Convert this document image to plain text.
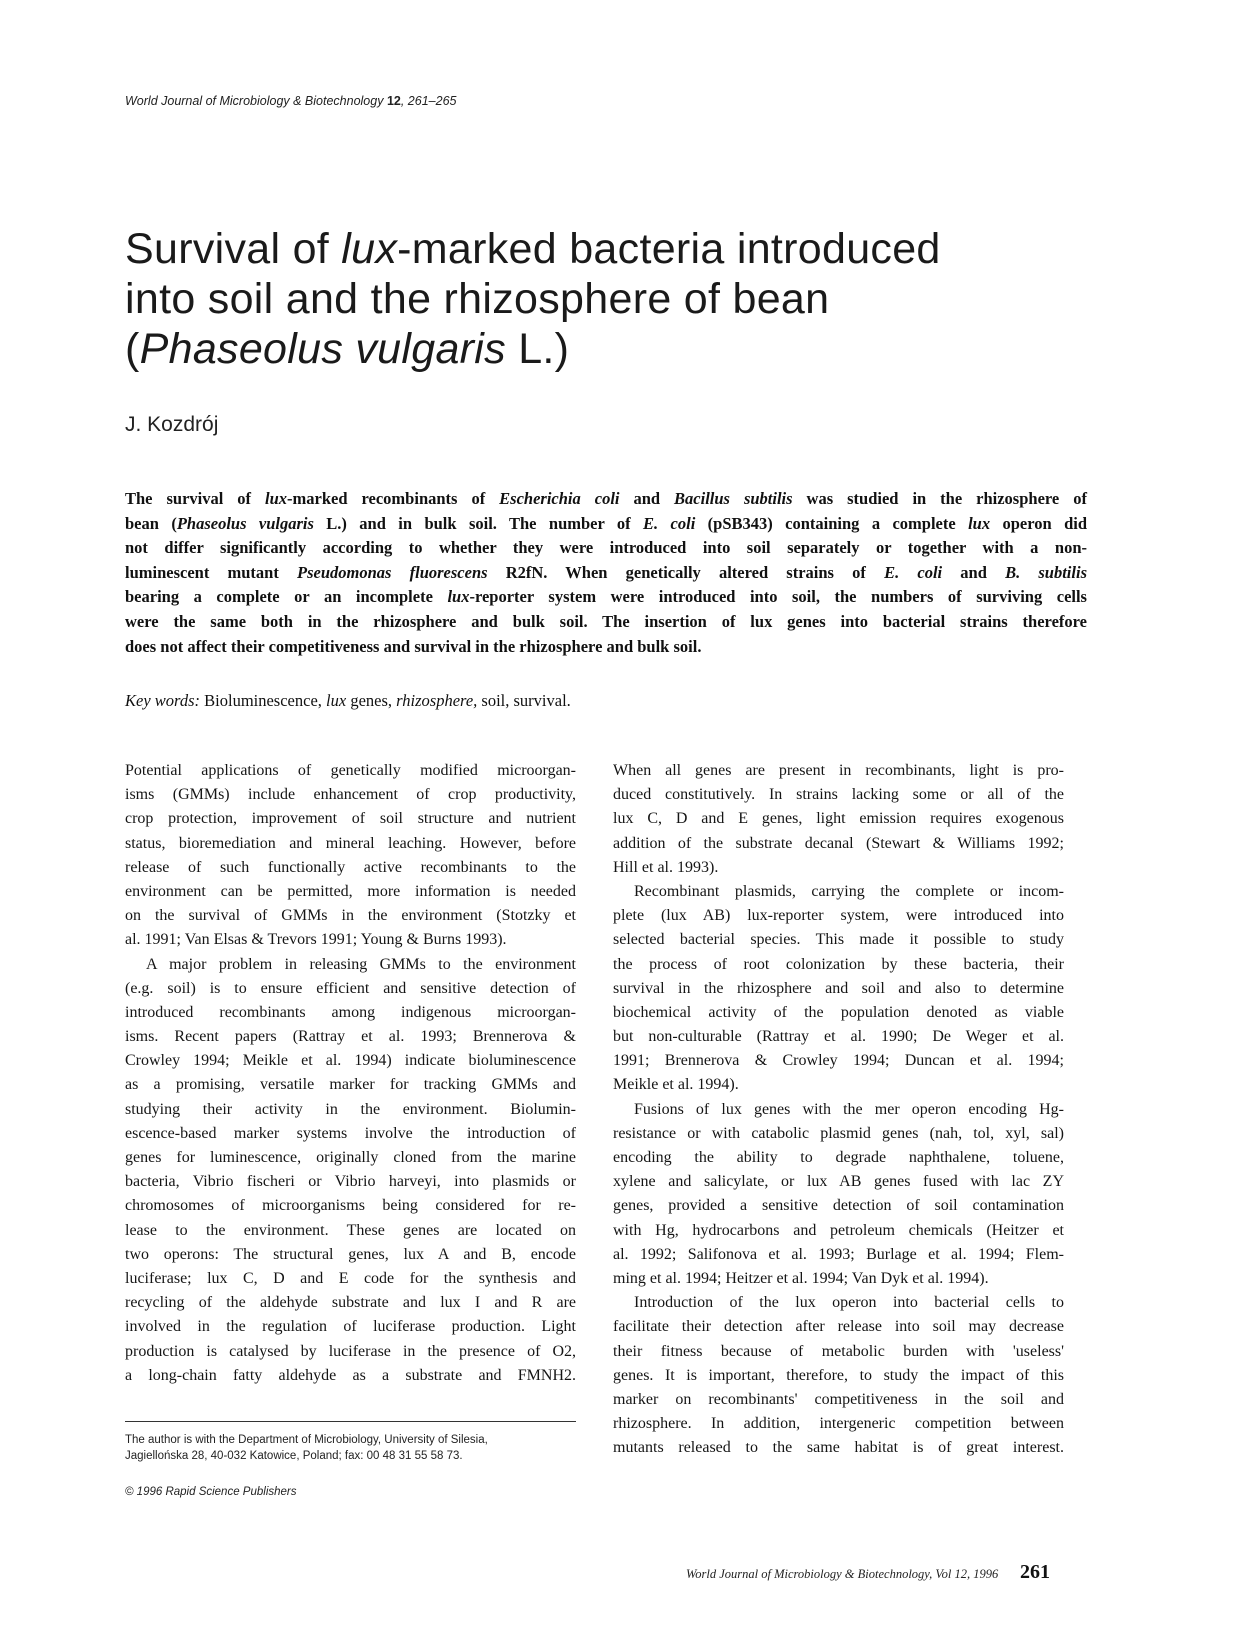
World Journal of Microbiology & Biotechnology 12, 261–265
Survival of lux-marked bacteria introduced
into soil and the rhizosphere of bean
(Phaseolus vulgaris L.)
J. Kozdrój
The survival of lux-marked recombinants of Escherichia coli and Bacillus subtilis was studied in the rhizosphere of
bean (Phaseolus vulgaris L.) and in bulk soil. The number of E. coli (pSB343) containing a complete lux operon did
not differ significantly according to whether they were introduced into soil separately or together with a non-
luminescent mutant Pseudomonas fluorescens R2fN. When genetically altered strains of E. coli and B. subtilis
bearing a complete or an incomplete lux-reporter system were introduced into soil, the numbers of surviving cells
were the same both in the rhizosphere and bulk soil. The insertion of lux genes into bacterial strains therefore
does not affect their competitiveness and survival in the rhizosphere and bulk soil.
Key words: Bioluminescence, lux genes, rhizosphere, soil, survival.
Potential applications of genetically modified microorgan-
isms (GMMs) include enhancement of crop productivity,
crop protection, improvement of soil structure and nutrient
status, bioremediation and mineral leaching. However, before
release of such functionally active recombinants to the
environment can be permitted, more information is needed
on the survival of GMMs in the environment (Stotzky et
al. 1991; Van Elsas & Trevors 1991; Young & Burns 1993).
A major problem in releasing GMMs to the environment
(e.g. soil) is to ensure efficient and sensitive detection of
introduced recombinants among indigenous microorgan-
isms. Recent papers (Rattray et al. 1993; Brennerova &
Crowley 1994; Meikle et al. 1994) indicate bioluminescence
as a promising, versatile marker for tracking GMMs and
studying their activity in the environment. Biolumin-
escence-based marker systems involve the introduction of
genes for luminescence, originally cloned from the marine
bacteria, Vibrio fischeri or Vibrio harveyi, into plasmids or
chromosomes of microorganisms being considered for re-
lease to the environment. These genes are located on
two operons: The structural genes, lux A and B, encode
luciferase; lux C, D and E code for the synthesis and
recycling of the aldehyde substrate and lux I and R are
involved in the regulation of luciferase production. Light
production is catalysed by luciferase in the presence of O2,
a long-chain fatty aldehyde as a substrate and FMNH2.
When all genes are present in recombinants, light is pro-
duced constitutively. In strains lacking some or all of the
lux C, D and E genes, light emission requires exogenous
addition of the substrate decanal (Stewart & Williams 1992;
Hill et al. 1993).
Recombinant plasmids, carrying the complete or incom-
plete (lux AB) lux-reporter system, were introduced into
selected bacterial species. This made it possible to study
the process of root colonization by these bacteria, their
survival in the rhizosphere and soil and also to determine
biochemical activity of the population denoted as viable
but non-culturable (Rattray et al. 1990; De Weger et al.
1991; Brennerova & Crowley 1994; Duncan et al. 1994;
Meikle et al. 1994).
Fusions of lux genes with the mer operon encoding Hg-
resistance or with catabolic plasmid genes (nah, tol, xyl, sal)
encoding the ability to degrade naphthalene, toluene,
xylene and salicylate, or lux AB genes fused with lac ZY
genes, provided a sensitive detection of soil contamination
with Hg, hydrocarbons and petroleum chemicals (Heitzer et
al. 1992; Salifonova et al. 1993; Burlage et al. 1994; Flem-
ming et al. 1994; Heitzer et al. 1994; Van Dyk et al. 1994).
Introduction of the lux operon into bacterial cells to
facilitate their detection after release into soil may decrease
their fitness because of metabolic burden with 'useless'
genes. It is important, therefore, to study the impact of this
marker on recombinants' competitiveness in the soil and
rhizosphere. In addition, intergeneric competition between
mutants released to the same habitat is of great interest.
The author is with the Department of Microbiology, University of Silesia,
Jagiellońska 28, 40-032 Katowice, Poland; fax: 00 48 31 55 58 73.
© 1996 Rapid Science Publishers
World Journal of Microbiology & Biotechnology, Vol 12, 1996 261
